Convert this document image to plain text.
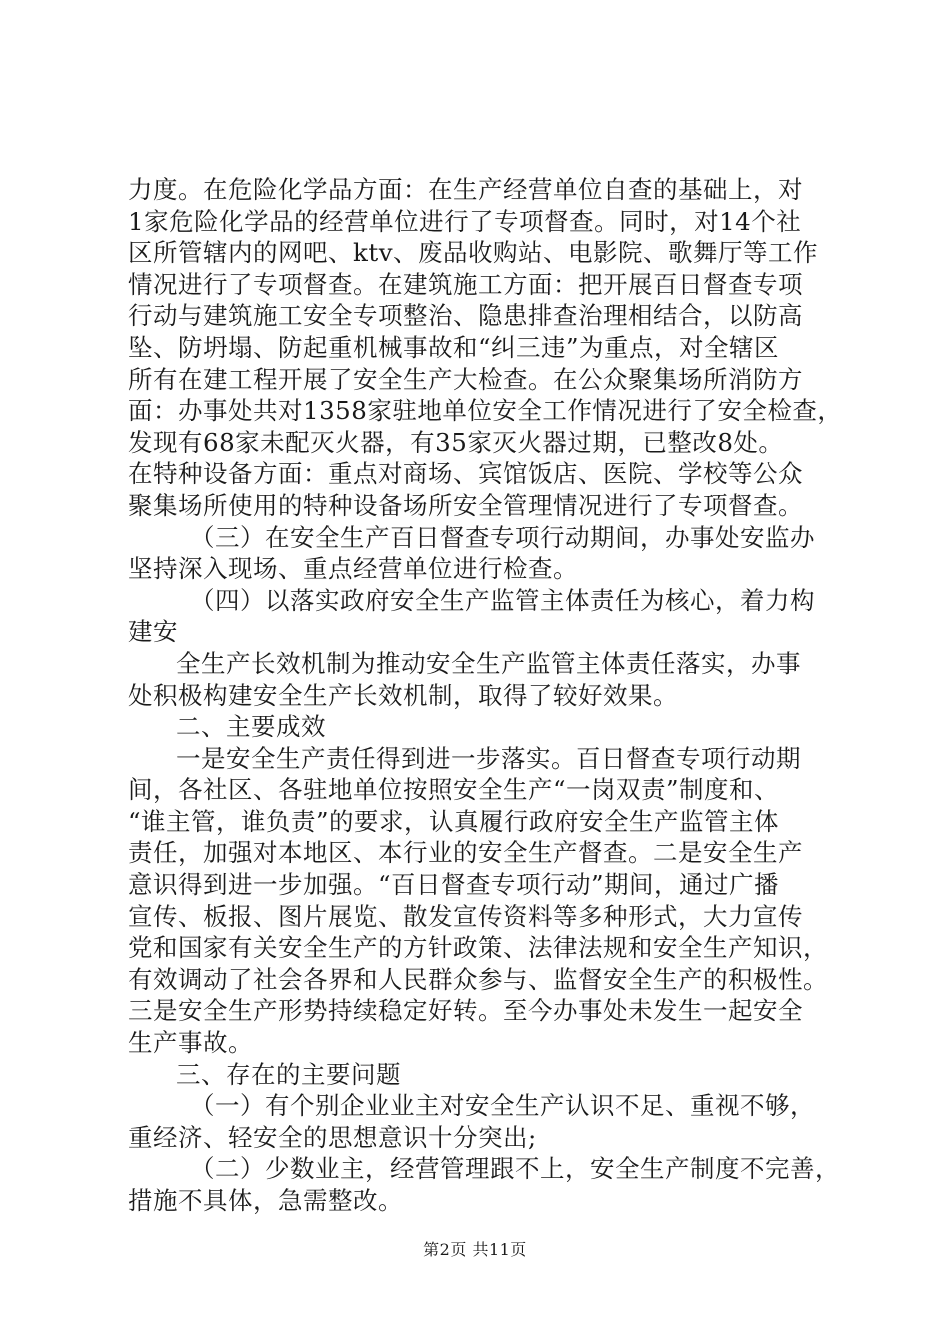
力度。在危险化学品方面：在生产经营单位自查的基础上，对
1家危险化学品的经营单位进行了专项督查。同时，对14个社
区所管辖内的网吧、ktv、废品收购站、电影院、歌舞厅等工作
情况进行了专项督查。在建筑施工方面：把开展百日督查专项
行动与建筑施工安全专项整治、隐患排查治理相结合，以防高
坠、防坍塌、防起重机械事故和“纠三违”为重点，对全辖区
所有在建工程开展了安全生产大检查。在公众聚集场所消防方
面：办事处共对1358家驻地单位安全工作情况进行了安全检查，
发现有68家未配灭火器，有35家灭火器过期，已整改8处。
在特种设备方面：重点对商场、宾馆饭店、医院、学校等公众
聚集场所使用的特种设备场所安全管理情况进行了专项督查。
（三）在安全生产百日督查专项行动期间，办事处安监办
坚持深入现场、重点经营单位进行检查。
（四）以落实政府安全生产监管主体责任为核心，着力构
建安
全生产长效机制为推动安全生产监管主体责任落实，办事
处积极构建安全生产长效机制，取得了较好效果。
二、主要成效
一是安全生产责任得到进一步落实。百日督查专项行动期
间，各社区、各驻地单位按照安全生产“一岗双责”制度和、
“谁主管，谁负责”的要求，认真履行政府安全生产监管主体
责任，加强对本地区、本行业的安全生产督查。二是安全生产
意识得到进一步加强。“百日督查专项行动”期间，通过广播
宣传、板报、图片展览、散发宣传资料等多种形式，大力宣传
党和国家有关安全生产的方针政策、法律法规和安全生产知识，
有效调动了社会各界和人民群众参与、监督安全生产的积极性。
三是安全生产形势持续稳定好转。至今办事处未发生一起安全
生产事故。
三、存在的主要问题
（一）有个别企业业主对安全生产认识不足、重视不够，
重经济、轻安全的思想意识十分突出;
（二）少数业主，经营管理跟不上，安全生产制度不完善，
措施不具体，急需整改。
第2页 共11页
